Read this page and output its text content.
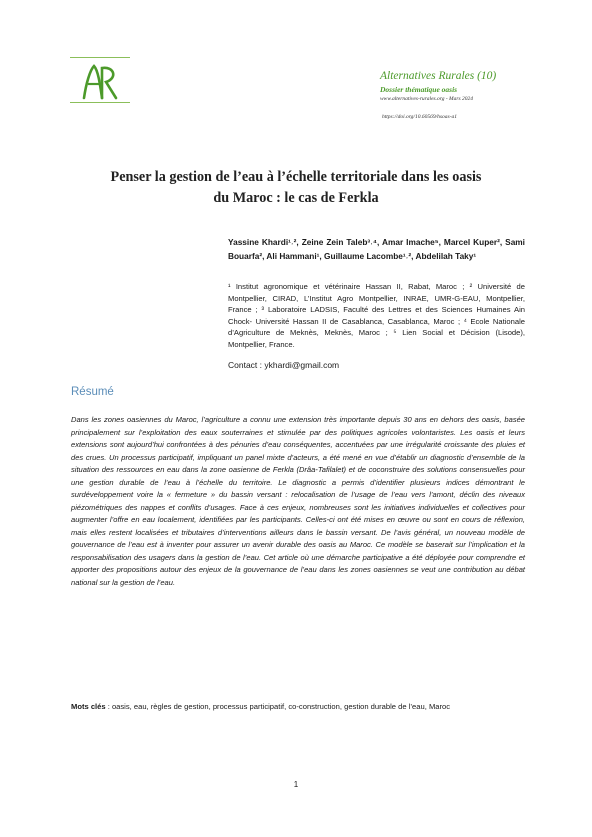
Alternatives Rurales (10)
Dossier thématique oasis
www.alternatives-rurales.org - Mars 2024
https://doi.org/10.60569/hsoas-a1
Penser la gestion de l’eau à l’échelle territoriale dans les oasis
du Maroc : le cas de Ferkla
Yassine Khardi¹˒², Zeine Zein Taleb³˒⁴, Amar Imache⁵, Marcel Kuper², Sami Bouarfa², Ali Hammani¹, Guillaume Lacombe¹˒², Abdelilah Taky¹
¹ Institut agronomique et vétérinaire Hassan II, Rabat, Maroc ; ² Université de Montpellier, CIRAD, L’Institut Agro Montpellier, INRAE, UMR-G-EAU, Montpellier, France ; ³ Laboratoire LADSIS, Faculté des Lettres et des Sciences Humaines Ain Chock- Université Hassan II de Casablanca, Casablanca, Maroc ; ⁴ Ecole Nationale d’Agriculture de Meknès, Meknès, Maroc ; ⁵ Lien Social et Décision (Lisode), Montpellier, France.
Contact : ykhardi@gmail.com
Résumé
Dans les zones oasiennes du Maroc, l’agriculture a connu une extension très importante depuis 30 ans en dehors des oasis, basée principalement sur l’exploitation des eaux souterraines et stimulée par des politiques agricoles volontaristes. Les oasis et leurs extensions sont aujourd’hui confrontées à des pénuries d’eau conséquentes, accentuées par une irrégularité croissante des pluies et des crues. Un processus participatif, impliquant un panel mixte d’acteurs, a été mené en vue d’établir un diagnostic d’ensemble de la situation des ressources en eau dans la zone oasienne de Ferkla (Drâa-Tafilalet) et de coconstruire des solutions consensuelles pour une gestion durable de l’eau à l’échelle du territoire. Le diagnostic a permis d’identifier plusieurs indices démontrant le surdéveloppement voire la « fermeture » du bassin versant : relocalisation de l’usage de l’eau vers l’amont, déclin des niveaux piézométriques des nappes et conflits d’usages. Face à ces enjeux, nombreuses sont les initiatives individuelles et collectives pour augmenter l’offre en eau localement, identifiées par les participants. Celles-ci ont été mises en œuvre ou sont en cours de réflexion, mais elles restent localisées et tributaires d’interventions ailleurs dans le bassin versant. De l’avis général, un nouveau modèle de gouvernance de l’eau est à inventer pour assurer un avenir durable des oasis au Maroc. Ce modèle se baserait sur l’implication et la responsabilisation des usagers dans la gestion de l’eau. Cet article où une démarche participative a été déployée pour comprendre et apporter des propositions autour des enjeux de la gouvernance de l’eau dans les zones oasiennes se veut une contribution au débat national sur la gestion de l’eau.
Mots clés : oasis, eau, règles de gestion, processus participatif, co-construction, gestion durable de l’eau, Maroc
1
